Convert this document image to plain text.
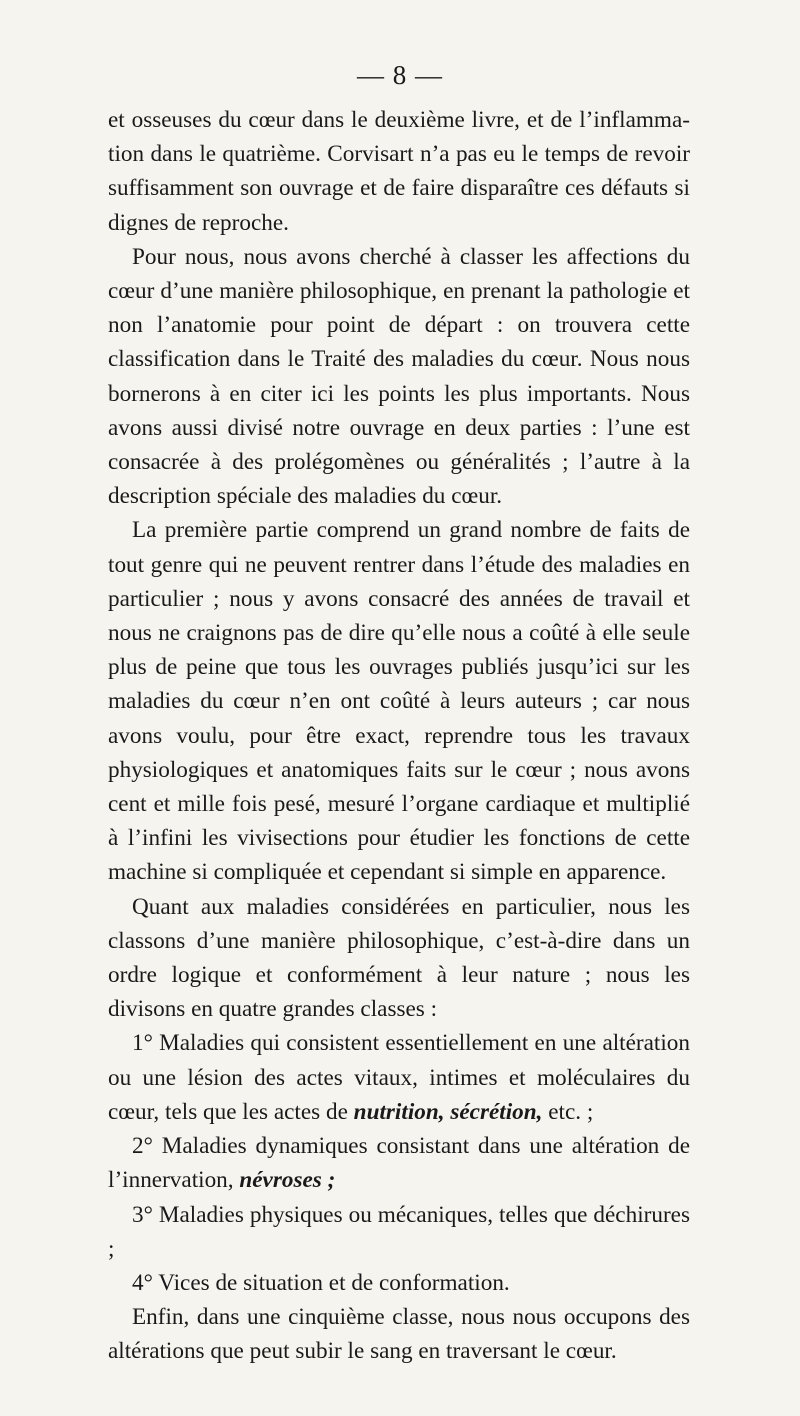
— 8 —

et osseuses du cœur dans le deuxième livre, et de l’inflammation dans le quatrième. Corvisart n’a pas eu le temps de revoir suffisamment son ouvrage et de faire disparaître ces défauts si dignes de reproche.

Pour nous, nous avons cherché à classer les affections du cœur d’une manière philosophique, en prenant la pathologie et non l’anatomie pour point de départ : on trouvera cette classification dans le Traité des maladies du cœur. Nous nous bornerons à en citer ici les points les plus importants. Nous avons aussi divisé notre ouvrage en deux parties : l’une est consacrée à des prolégomènes ou généralités ; l’autre à la description spéciale des maladies du cœur.

La première partie comprend un grand nombre de faits de tout genre qui ne peuvent rentrer dans l’étude des maladies en particulier ; nous y avons consacré des années de travail et nous ne craignons pas de dire qu’elle nous a coûté à elle seule plus de peine que tous les ouvrages publiés jusqu’ici sur les maladies du cœur n’en ont coûté à leurs auteurs ; car nous avons voulu, pour être exact, reprendre tous les travaux physiologiques et anatomiques faits sur le cœur ; nous avons cent et mille fois pesé, mesuré l’organe cardiaque et multiplié à l’infini les vivisections pour étudier les fonctions de cette machine si compliquée et cependant si simple en apparence.

Quant aux maladies considérées en particulier, nous les classons d’une manière philosophique, c’est-à-dire dans un ordre logique et conformément à leur nature ; nous les divisons en quatre grandes classes :

1° Maladies qui consistent essentiellement en une altération ou une lésion des actes vitaux, intimes et moléculaires du cœur, tels que les actes de nutrition, sécrétion, etc. ;

2° Maladies dynamiques consistant dans une altération de l’innervation, névroses ;

3° Maladies physiques ou mécaniques, telles que déchirures ;

4° Vices de situation et de conformation.

Enfin, dans une cinquième classe, nous nous occupons des altérations que peut subir le sang en traversant le cœur.
